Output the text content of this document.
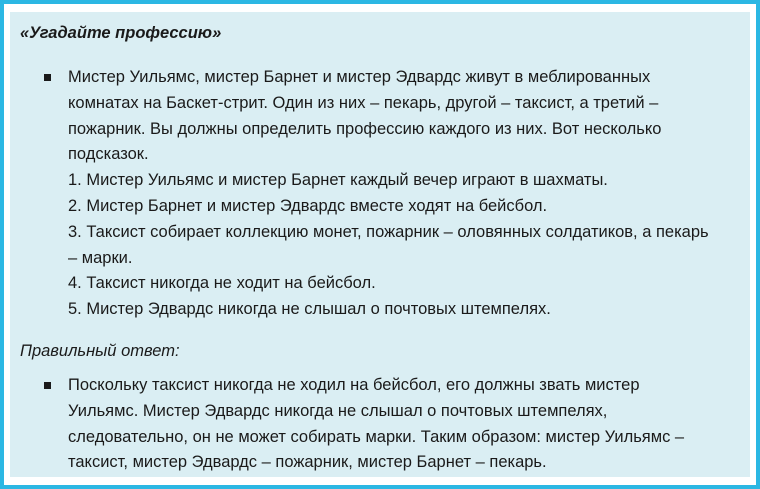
«Угадайте профессию»
Мистер Уильямс, мистер Барнет и мистер Эдвардс живут в меблированных
комнатах на Баскет-стрит. Один из них – пекарь, другой – таксист, а третий –
пожарник. Вы должны определить профессию каждого из них. Вот несколько
подсказок.
1. Мистер Уильямс и мистер Барнет каждый вечер играют в шахматы.
2. Мистер Барнет и мистер Эдвардс вместе ходят на бейсбол.
3. Таксист собирает коллекцию монет, пожарник – оловянных солдатиков, а пекарь
– марки.
4. Таксист никогда не ходит на бейсбол.
5. Мистер Эдвардс никогда не слышал о почтовых штемпелях.
Правильный ответ:
Поскольку таксист никогда не ходил на бейсбол, его должны звать мистер
Уильямс. Мистер Эдвардс никогда не слышал о почтовых штемпелях,
следовательно, он не может собирать марки. Таким образом: мистер Уильямс –
таксист, мистер Эдвардс – пожарник, мистер Барнет – пекарь.
